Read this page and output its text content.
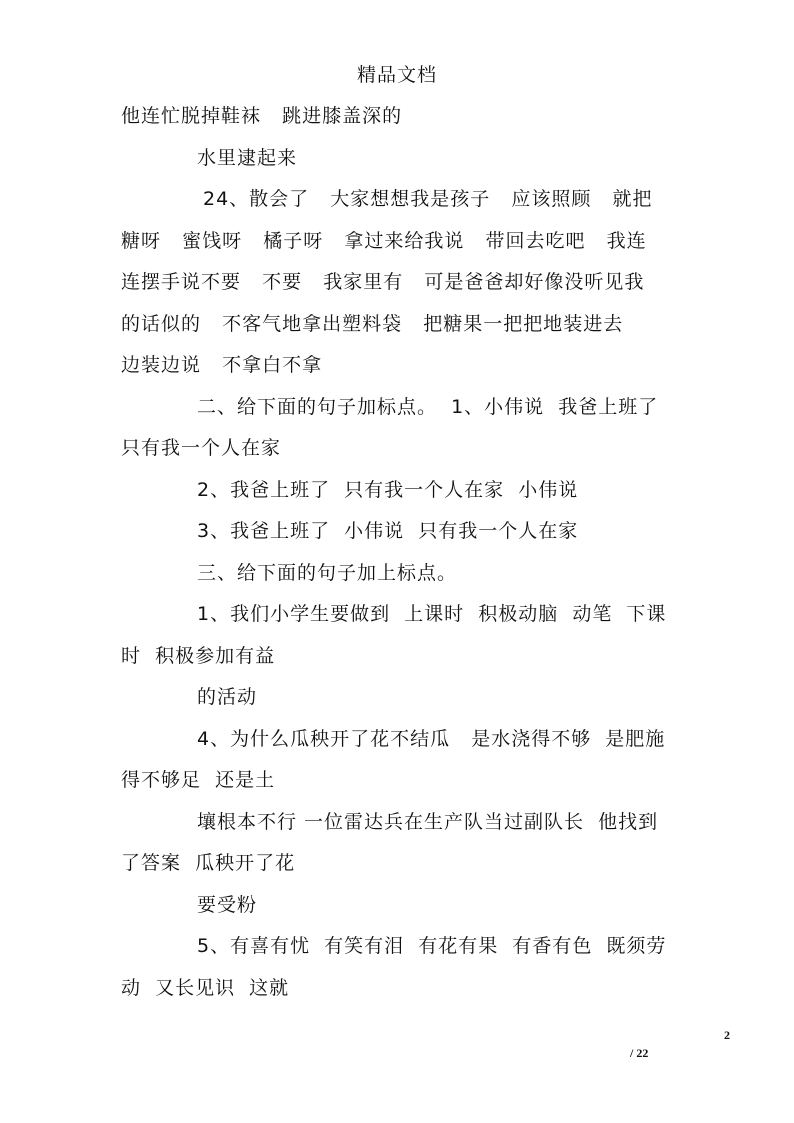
精品文档
他连忙脱掉鞋袜   跳进膝盖深的
水里逮起来
24、散会了   大家想想我是孩子   应该照顾   就把
糖呀   蜜饯呀   橘子呀   拿过来给我说   带回去吃吧   我连
连摆手说不要   不要   我家里有   可是爸爸却好像没听见我
的话似的   不客气地拿出塑料袋   把糖果一把把地装进去
边装边说   不拿白不拿
二、给下面的句子加标点。  1、小伟说  我爸上班了
只有我一个人在家
2、我爸上班了  只有我一个人在家  小伟说
3、我爸上班了  小伟说  只有我一个人在家
三、给下面的句子加上标点。
1、我们小学生要做到  上课时  积极动脑  动笔  下课
时  积极参加有益
的活动
4、为什么瓜秧开了花不结瓜   是水浇得不够  是肥施
得不够足  还是土
壤根本不行 一位雷达兵在生产队当过副队长  他找到
了答案  瓜秧开了花
要受粉
5、有喜有忧  有笑有泪  有花有果  有香有色  既须劳
动  又长见识  这就
2
/ 22
